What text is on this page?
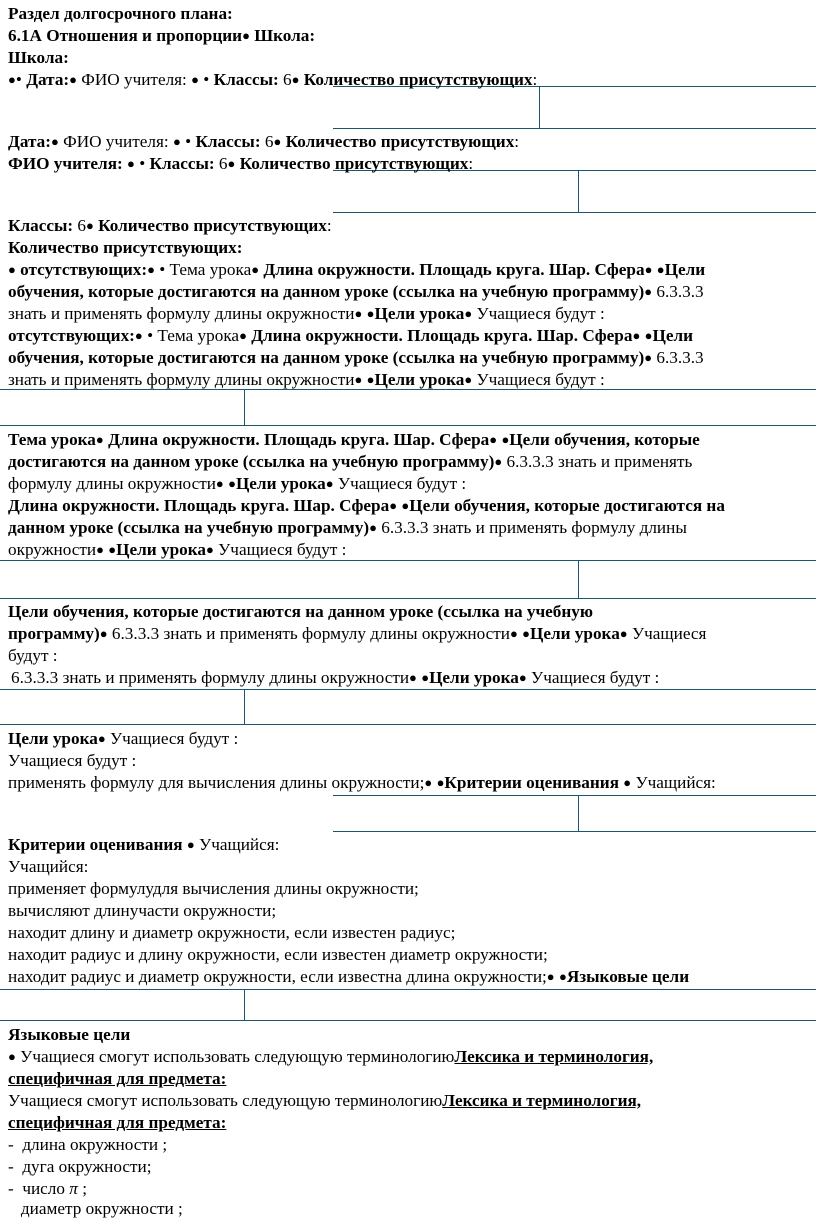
Раздел долгосрочного плана:
6.1А Отношения и пропорции● Школа:
Школа:
●• Дата:● ФИО учителя: ● • Классы: 6● Количество присутствующих:
Дата:● ФИО учителя: ● • Классы: 6● Количество присутствующих:
ФИО учителя: ● • Классы: 6● Количество присутствующих:
Классы: 6● Количество присутствующих:
Количество присутствующих:
● отсутствующих:● • Тема урока● Длина окружности. Площадь круга. Шар. Сфера● ●Цели
обучения, которые достигаются на данном уроке (ссылка на учебную программу)● 6.3.3.3
знать и применять формулу длины окружности● ●Цели урока● Учащиеся будут :
отсутствующих:● • Тема урока● Длина окружности. Площадь круга. Шар. Сфера● ●Цели
обучения, которые достигаются на данном уроке (ссылка на учебную программу)● 6.3.3.3
знать и применять формулу длины окружности● ●Цели урока● Учащиеся будут :
Тема урока● Длина окружности. Площадь круга. Шар. Сфера● ●Цели обучения, которые
достигаются на данном уроке (ссылка на учебную программу)● 6.3.3.3 знать и применять
формулу длины окружности● ●Цели урока● Учащиеся будут :
Длина окружности. Площадь круга. Шар. Сфера● ●Цели обучения, которые достигаются на
данном уроке (ссылка на учебную программу)● 6.3.3.3 знать и применять формулу длины
окружности● ●Цели урока● Учащиеся будут :
Цели обучения, которые достигаются на данном уроке (ссылка на учебную
программу)● 6.3.3.3 знать и применять формулу длины окружности● ●Цели урока● Учащиеся
будут :
6.3.3.3 знать и применять формулу длины окружности● ●Цели урока● Учащиеся будут :
Цели урока● Учащиеся будут :
Учащиеся будут :
применять формулу для вычисления длины окружности;● ●Критерии оценивания ● Учащийся:
Критерии оценивания ● Учащийся:
Учащийся:
применяет формулудля вычисления длины окружности;
вычисляют длинучасти окружности;
находит длину и диаметр окружности, если известен радиус;
находит радиус и длину окружности, если известен диаметр окружности;
находит радиус и диаметр окружности, если известна длина окружности;● ●Языковые цели
Языковые цели
● Учащиеся смогут использовать следующую терминологиюЛексика и терминология,
специфичная для предмета:
Учащиеся смогут использовать следующую терминологиюЛексика и терминология,
специфичная для предмета:
-  длина окружности ;
-  дуга окружности;
-  число π ;
диаметр окружности ;
